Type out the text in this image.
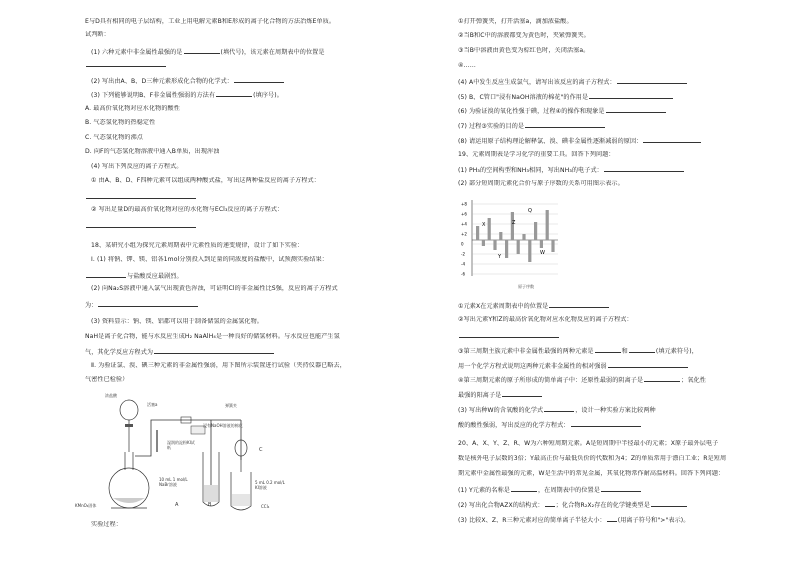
E与D具有相同的电子层结构，工业上用电解元素B和E形成的离子化合物的方法冶炼E单质。
试判断：
(1) 六种元素中非金属性最强的是	(填代号)，该元素在周期表中的位置是
(2) 写出由A、B、D三种元素形成化合物的化学式：
(3) 下列能够说明B、F非金属性强弱的方法有	(填序号)。
A. 最高价氧化物对应水化物的酸性
B. 气态氢化物的热稳定性
C. 气态氢化物的沸点
D. 向F的气态氢化物溶液中通入B单质，出现浑浊
(4) 写出下列反应的离子方程式。
① 由A、B、D、F四种元素可以组成两种酸式盐，写出这两种盐反应的离子方程式：
② 写出足量D的最高价氧化物对应的水化物与ECl₃反应的离子方程式：
18、某研究小组为探究元素周期表中元素性质的递变规律，设计了如下实验：
Ⅰ. (1) 将钠、钾、镁、铝各1mol分别投入到足量的同浓度的盐酸中，试预测实验结果：
与盐酸反应最剧烈。
(2) 向Na₂S溶液中通入氯气出现黄色浑浊，可证明Cl的非金属性比S强，反应的离子方程式
为：
(3) 资料显示：钠、镁、铝都可以用于制备储氢的金属氢化物。
NaH是离子化合物，能与水反应生成H₂ NaAlH₄是一种良好的储氢材料。与水反应也能产生氢
气，其化学反应方程式为
Ⅱ. 为验证氯、溴、碘三种元素的非金属性强弱，用下图所示装置进行试验（夹持仪器已略去，
气密性已检验）
浓盐酸
活塞a	弹簧夹
浸有NaOH溶液的棉花
湿润的淀粉KI试纸
10 mL 1 mol/L NaBr溶液	5 mL 0.2 mol/L KI溶液
KMnO₄固体	A	B
C
CCl₄
实验过程：
①打开弹簧夹，打开活塞a，滴加浓盐酸。
②当B和C中的溶液都变为黄色时，夹紧弹簧夹。
③当B中溶液由黄色变为棕红色时，关闭活塞a。
④……
(4) A中发生反应生成氯气，请写出该反应的离子方程式：
(5) B、C管口"浸有NaOH溶液的棉花"的作用是
(6) 为验证溴的氧化性强于碘，过程④的操作和现象是
(7) 过程③实验的目的是
(8) 请运用原子结构理论解释氯、溴、碘非金属性逐渐减弱的原因：
19、元素周期表是学习化学的重要工具。回答下列问题：
(1) PH₃的空间构型和NH₃相同，写出NH₃的电子式：
(2) 部分短周期元素化合价与原子序数的关系可用图示表示。
+8
+6
+4
+2
0
-2
-4
-6
X
Y
Z
Q
W
原子序数
①元素X在元素周期表中的位置是
②写出元素Y和Z的最高价氧化物对应水化物反应的离子方程式：
③第三周期主族元素中非金属性最强的两种元素是	和	(填元素符号)，
用一个化学方程式说明这两种元素非金属性的相对强弱
④第三周期元素的原子所形成的简单离子中：还原性最弱的阴离子是	；氧化性
最强的阳离子是
(3) 写出种W的含氧酸的化学式	，设计一种实验方案比较两种
酸的酸性强弱，写出反应的化学方程式：
20、A、X、Y、Z、R、W为六种短周期元素。A是短周期中半径最小的元素；X原子最外层电子
数是核外电子层数的3倍；Y最高正价与最低负价的代数和为4；Z的单质常用于漂白工业；R是短周
期元素中金属性最强的元素，W是生活中的常见金属，其氧化物常作耐高温材料。回答下列问题：
(1) Y元素的名称是	，在周期表中的位置是
(2) 写出化合物AZX的结构式： ；化合物R₂X₂存在的化学键类型是
(3) 比较X、Z、R三种元素对应的简单离子半径大小： (用离子符号和">"表示)。
